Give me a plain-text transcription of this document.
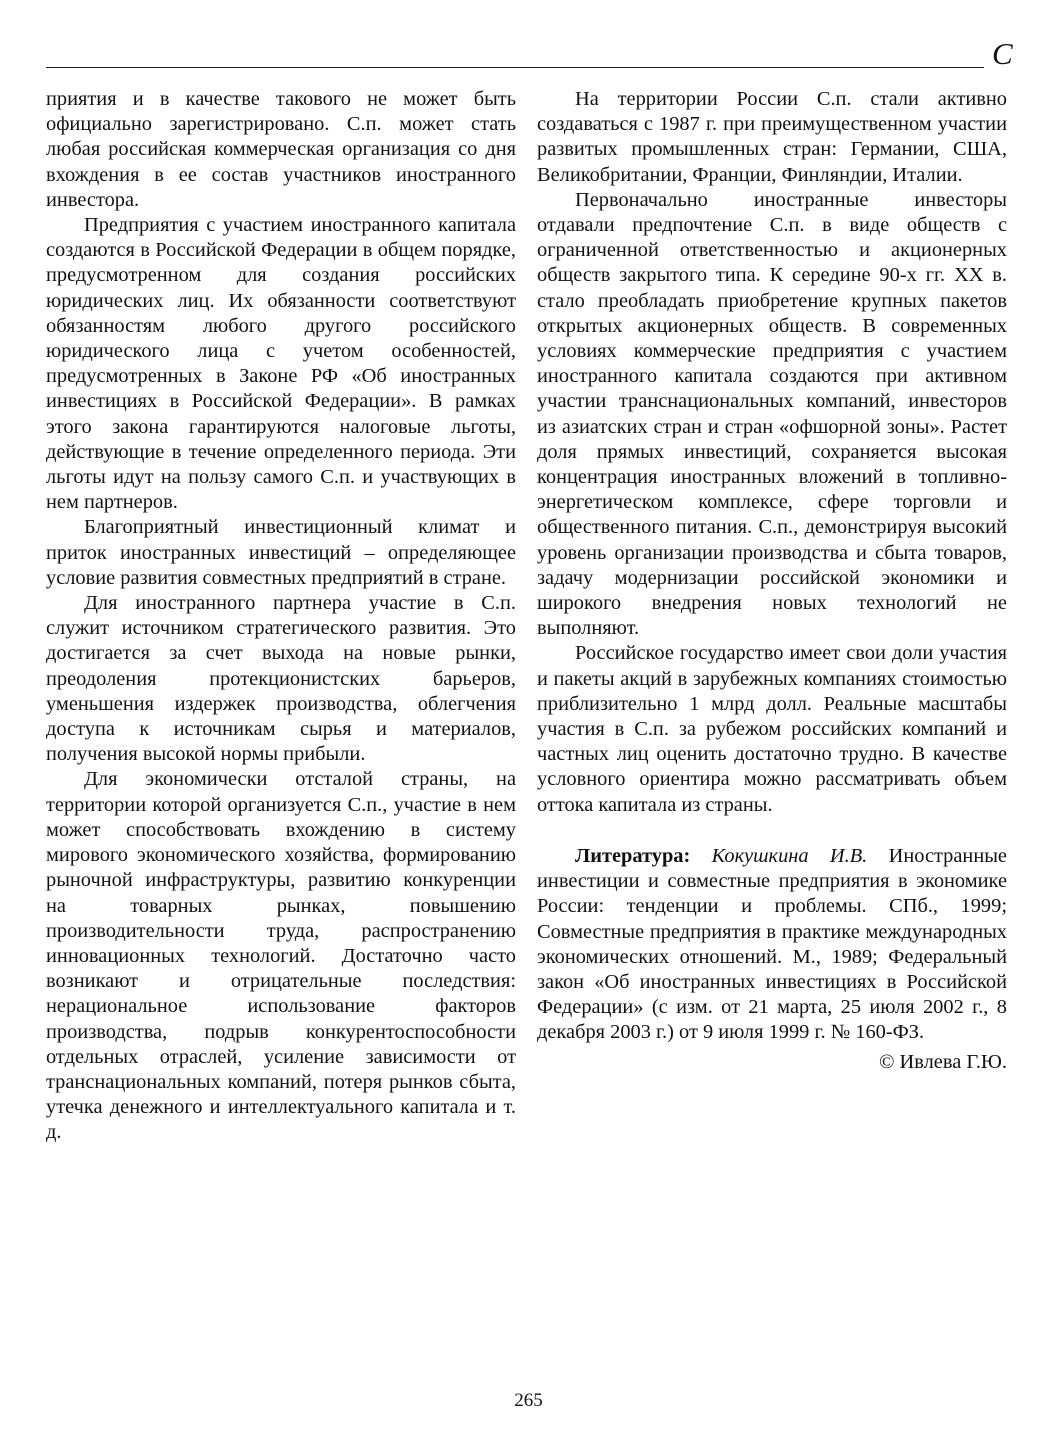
С

приятия и в качестве такового не может быть официально зарегистрировано. С.п. может стать любая российская коммерческая организация со дня вхождения в ее состав участников иностранного инвестора.

Предприятия с участием иностранного капитала создаются в Российской Федерации в общем порядке, предусмотренном для создания российских юридических лиц. Их обязанности соответствуют обязанностям любого другого российского юридического лица с учетом особенностей, предусмотренных в Законе РФ «Об иностранных инвестициях в Российской Федерации». В рамках этого закона гарантируются налоговые льготы, действующие в течение определенного периода. Эти льготы идут на пользу самого С.п. и участвующих в нем партнеров.

Благоприятный инвестиционный климат и приток иностранных инвестиций – определяющее условие развития совместных предприятий в стране.

Для иностранного партнера участие в С.п. служит источником стратегического развития. Это достигается за счет выхода на новые рынки, преодоления протекционистских барьеров, уменьшения издержек производства, облегчения доступа к источникам сырья и материалов, получения высокой нормы прибыли.

Для экономически отсталой страны, на территории которой организуется С.п., участие в нем может способствовать вхождению в систему мирового экономического хозяйства, формированию рыночной инфраструктуры, развитию конкуренции на товарных рынках, повышению производительности труда, распространению инновационных технологий. Достаточно часто возникают и отрицательные последствия: нерациональное использование факторов производства, подрыв конкурентоспособности отдельных отраслей, усиление зависимости от транснациональных компаний, потеря рынков сбыта, утечка денежного и интеллектуального капитала и т. д.

На территории России С.п. стали активно создаваться с 1987 г. при преимущественном участии развитых промышленных стран: Германии, США, Великобритании, Франции, Финляндии, Италии.

Первоначально иностранные инвесторы отдавали предпочтение С.п. в виде обществ с ограниченной ответственностью и акционерных обществ закрытого типа. К середине 90-х гг. XX в. стало преобладать приобретение крупных пакетов открытых акционерных обществ. В современных условиях коммерческие предприятия с участием иностранного капитала создаются при активном участии транснациональных компаний, инвесторов из азиатских стран и стран «офшорной зоны». Растет доля прямых инвестиций, сохраняется высокая концентрация иностранных вложений в топливно-энергетическом комплексе, сфере торговли и общественного питания. С.п., демонстрируя высокий уровень организации производства и сбыта товаров, задачу модернизации российской экономики и широкого внедрения новых технологий не выполняют.

Российское государство имеет свои доли участия и пакеты акций в зарубежных компаниях стоимостью приблизительно 1 млрд долл. Реальные масштабы участия в С.п. за рубежом российских компаний и частных лиц оценить достаточно трудно. В качестве условного ориентира можно рассматривать объем оттока капитала из страны.

Литература: Кокушкина И.В. Иностранные инвестиции и совместные предприятия в экономике России: тенденции и проблемы. СПб., 1999; Совместные предприятия в практике международных экономических отношений. М., 1989; Федеральный закон «Об иностранных инвестициях в Российской Федерации» (с изм. от 21 марта, 25 июля 2002 г., 8 декабря 2003 г.) от 9 июля 1999 г. № 160-ФЗ.

© Ивлева Г.Ю.

265
